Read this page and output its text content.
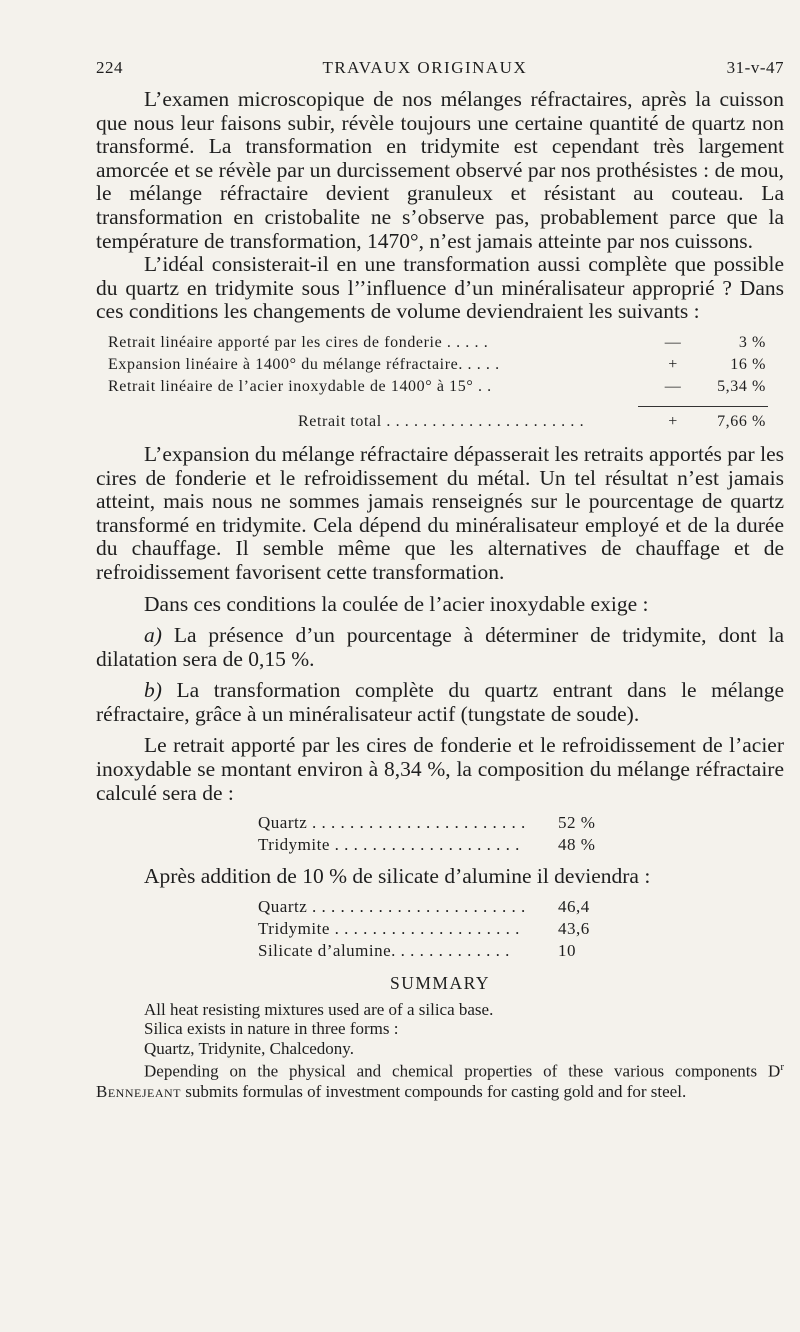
224	TRAVAUX ORIGINAUX	31-v-47

L’examen microscopique de nos mélanges réfractaires, après la cuisson que nous leur faisons subir, révèle toujours une certaine quantité de quartz non transformé. La transformation en tridymite est cependant très largement amorcée et se révèle par un durcissement observé par nos prothésistes : de mou, le mélange réfractaire devient granuleux et résistant au couteau. La transformation en cristobalite ne s’observe pas, probablement parce que la température de transformation, 1470°, n’est jamais atteinte par nos cuissons.

L’idéal consisterait-il en une transformation aussi complète que possible du quartz en tridymite sous l’’influence d’un minéralisateur approprié ? Dans ces conditions les changements de volume deviendraient les suivants :

Retrait linéaire apporté par les cires de fonderie . . . . .	—	3 %
Expansion linéaire à 1400° du mélange réfractaire. . . . .	+	16 %
Retrait linéaire de l’acier inoxydable de 1400° à 15° . .	—	5,34 %
Retrait total . . . . . . . . . . . . . . . . . . . . . .	+	7,66 %

L’expansion du mélange réfractaire dépasserait les retraits apportés par les cires de fonderie et le refroidissement du métal. Un tel résultat n’est jamais atteint, mais nous ne sommes jamais renseignés sur le pourcentage de quartz transformé en tridymite. Cela dépend du minéralisateur employé et de la durée du chauffage. Il semble même que les alternatives de chauffage et de refroidissement favorisent cette transformation.

Dans ces conditions la coulée de l’acier inoxydable exige :

a) La présence d’un pourcentage à déterminer de tridymite, dont la dilatation sera de 0,15 %.

b) La transformation complète du quartz entrant dans le mélange réfractaire, grâce à un minéralisateur actif (tungstate de soude).

Le retrait apporté par les cires de fonderie et le refroidissement de l’acier inoxydable se montant environ à 8,34 %, la composition du mélange réfractaire calculé sera de :

Quartz . . . . . . . . . . . . . . . . . . . . . . .	52 %
Tridymite . . . . . . . . . . . . . . . . . . . .	48 %

Après addition de 10 % de silicate d’alumine il deviendra :

Quartz . . . . . . . . . . . . . . . . . . . . . . .	46,4
Tridymite . . . . . . . . . . . . . . . . . . . .	43,6
Silicate d’alumine. . . . . . . . . . . . .	10
SUMMARY

All heat resisting mixtures used are of a silica base.

Silica exists in nature in three forms :

Quartz, Tridynite, Chalcedony.

Depending on the physical and chemical properties of these various components $D^r$ Bennejeant submits formulas of investment compounds for casting gold and for steel.
